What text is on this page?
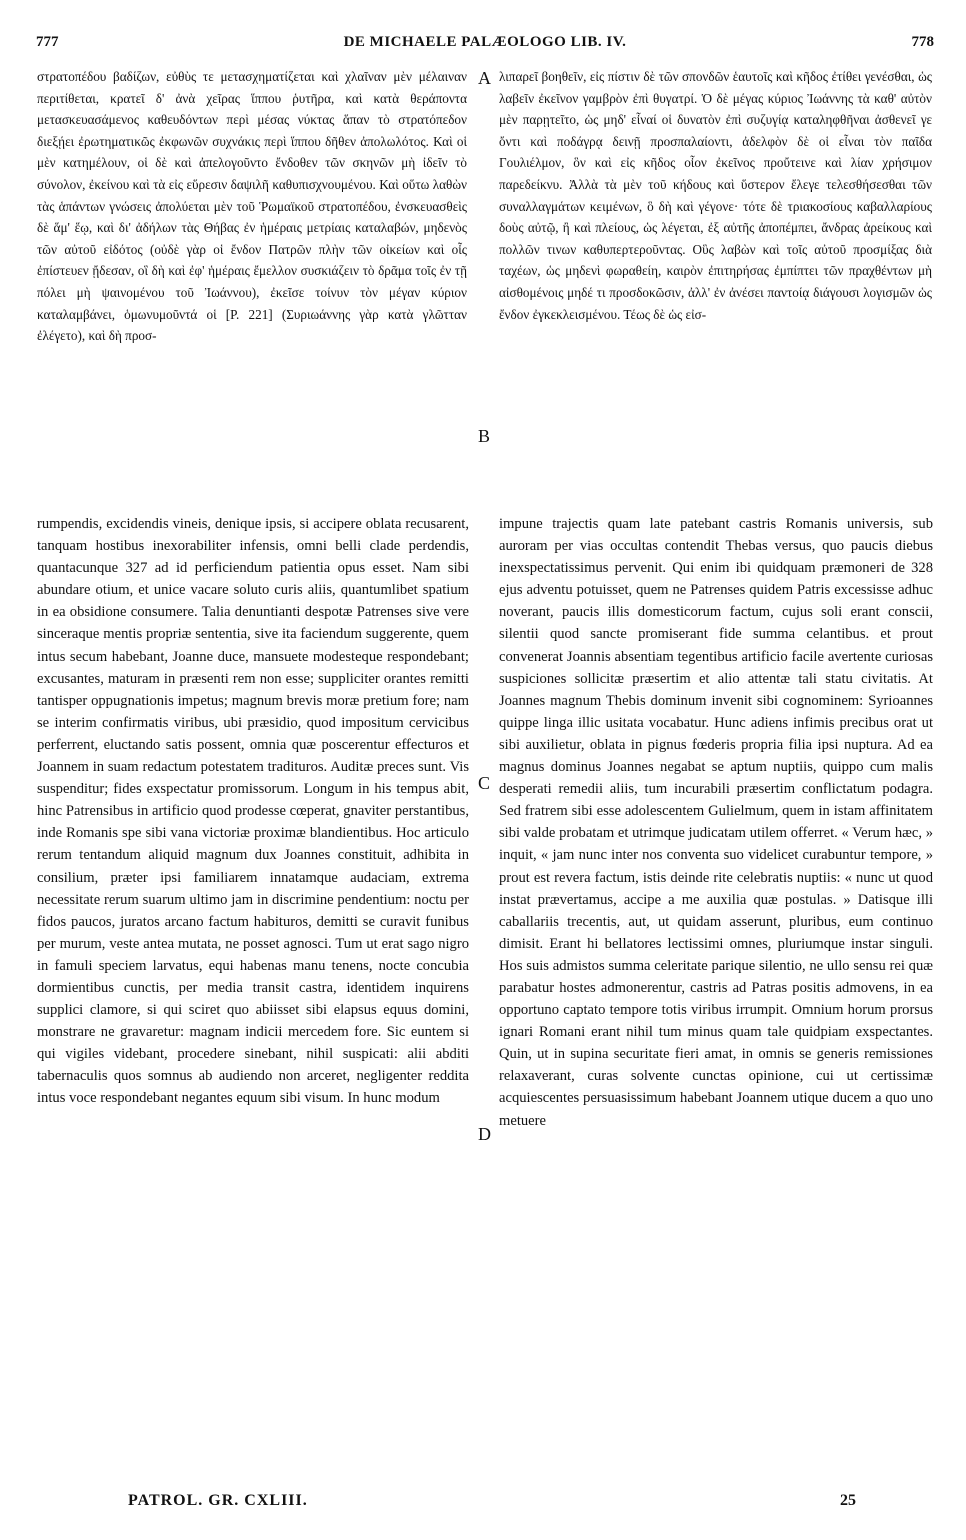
777	DE MICHAELE PALÆOLOGO LIB. IV.	778

στρατοπέδου βαδίζων, εὐθὺς τε μετασχηματίζεται καὶ χλαῖναν μὲν μέλαιναν περιτίθεται, κρατεῖ δ' ἀνὰ χεῖρας ἵππου ῥυτῆρα, καὶ κατὰ θεράποντα μετασκευασάμενος καθευδόντων περὶ μέσας νύκτας ἅπαν τὸ στρατόπεδον διεξῄει ἐρωτηματικῶς ἐκφωνῶν συχνάκις περὶ ἵππου δῆθεν ἀπολωλότος. Καὶ οἱ μὲν κατημέλουν, οἱ δὲ καὶ ἀπελογοῦντο ἔνδοθεν τῶν σκηνῶν μὴ ἰδεῖν τὸ σύνολον, ἐκείνου καὶ τὰ εἰς εὕρεσιν δαψιλῆ καθυπισχνουμένου. Καὶ οὕτω λαθὼν τὰς ἁπάντων γνώσεις ἀπολύεται μὲν τοῦ Ῥωμαϊκοῦ στρατοπέδου, ἐνσκευασθεὶς δὲ ἅμ' ἕῳ, καὶ δι' ἀδήλων τὰς Θήβας ἐν ἡμέραις μετρίαις καταλαβών, μηδενὸς τῶν αὐτοῦ εἰδότος (οὐδὲ γὰρ οἱ ἔνδον Πατρῶν πλὴν τῶν οἰκείων καὶ οἷς ἐπίστευεν ᾔδεσαν, οἳ δὴ καὶ ἐφ' ἡμέραις ἔμελλον συσκιάζειν τὸ δρᾶμα τοῖς ἐν τῇ πόλει μὴ ψαινομένου τοῦ Ἰωάννου), ἐκεῖσε τοίνυν τὸν μέγαν κύριον καταλαμβάνει, ὁμωνυμοῦντά οἱ [P. 221] (Συριωάννης γὰρ κατὰ γλῶτταν ἐλέγετο), καὶ δὴ προσ-

λιπαρεῖ βοηθεῖν, εἰς πίστιν δὲ τῶν σπονδῶν ἑαυτοῖς καὶ κῆδος ἐτίθει γενέσθαι, ὡς λαβεῖν ἐκεῖνον γαμβρὸν ἐπὶ θυγατρί. Ὁ δὲ μέγας κύριος Ἰωάννης τὰ καθ' αὐτὸν μὲν παρῃτεῖτο, ὡς μηδ' εἶναί οἱ δυνατὸν ἐπὶ συζυγίᾳ καταληφθῆναι ἀσθενεῖ γε ὄντι καὶ ποδάγρᾳ δεινῇ προσπαλαίοντι, ἀδελφὸν δὲ οἱ εἶναι τὸν παῖδα Γουλιέλμον, ὃν καὶ εἰς κῆδος οἷον ἐκεῖνος προὔτεινε καὶ λίαν χρήσιμον παρεδείκνυ. Ἀλλὰ τὰ μὲν τοῦ κήδους καὶ ὕστερον ἔλεγε τελεσθήσεσθαι τῶν συναλλαγμάτων κειμένων, ὃ δὴ καὶ γέγονε· τότε δὲ τριακοσίους καβαλλαρίους δοὺς αὐτῷ, ἢ καὶ πλείους, ὡς λέγεται, ἐξ αὐτῆς ἀποπέμπει, ἄνδρας ἀρείκους καὶ πολλῶν τινων καθυπερτεροῦντας. Οὓς λαβὼν καὶ τοῖς αὐτοῦ προσμίξας διὰ ταχέων, ὡς μηδενὶ φωραθείη, καιρὸν ἐπιτηρήσας ἐμπίπτει τῶν πραχθέντων μὴ αἰσθομένοις μηδέ τι προσδοκῶσιν, ἀλλ' ἐν ἀνέσει παντοίᾳ διάγουσι λογισμῶν ὡς ἔνδον ἐγκεκλεισμένου. Τέως δὲ ὡς εἰσ-

A
B
C
D

rumpendis, excidendis vineis, denique ipsis, si accipere oblata recusarent, tanquam hostibus inexorabiliter infensis, omni belli clade perdendis, quantacunque 327 ad id perficiendum patientia opus esset. Nam sibi abundare otium, et unice vacare soluto curis aliis, quantumlibet spatium in ea obsidione consumere. Talia denuntianti despotæ Patrenses sive vere sinceraque mentis propriæ sententia, sive ita faciendum suggerente, quem intus secum habebant, Joanne duce, mansuete modesteque respondebant; excusantes, maturam in præsenti rem non esse; suppliciter orantes remitti tantisper oppugnationis impetus; magnum brevis moræ pretium fore; nam se interim confirmatis viribus, ubi præsidio, quod impositum cervicibus perferrent, eluctando satis possent, omnia quæ poscerentur effecturos et Joannem in suam redactum potestatem tradituros. Auditæ preces sunt. Vis suspenditur; fides exspectatur promissorum. Longum in his tempus abit, hinc Patrensibus in artificio quod prodesse cœperat, gnaviter perstantibus, inde Romanis spe sibi vana victoriæ proximæ blandientibus. Hoc articulo rerum tentandum aliquid magnum dux Joannes constituit, adhibita in consilium, præter ipsi familiarem innatamque audaciam, extrema necessitate rerum suarum ultimo jam in discrimine pendentium: noctu per fidos paucos, juratos arcano factum habituros, demitti se curavit funibus per murum, veste antea mutata, ne posset agnosci. Tum ut erat sago nigro in famuli speciem larvatus, equi habenas manu tenens, nocte concubia dormientibus cunctis, per media transit castra, identidem inquirens supplici clamore, si qui sciret quo abiisset sibi elapsus equus domini, monstrare ne gravaretur: magnam indicii mercedem fore. Sic euntem si qui vigiles videbant, procedere sinebant, nihil suspicati: alii abditi tabernaculis quos somnus ab audiendo non arceret, negligenter reddita intus voce respondebant negantes equum sibi visum. In hunc modum

impune trajectis quam late patebant castris Romanis universis, sub auroram per vias occultas contendit Thebas versus, quo paucis diebus inexspectatissimus pervenit. Qui enim ibi quidquam præmoneri de 328 ejus adventu potuisset, quem ne Patrenses quidem Patris excessisse adhuc noverant, paucis illis domesticorum factum, cujus soli erant conscii, silentii quod sancte promiserant fide summa celantibus. et prout convenerat Joannis absentiam tegentibus artificio facile avertente curiosas suspiciones sollicitæ præsertim et alio attentæ tali statu civitatis. At Joannes magnum Thebis dominum invenit sibi cognominem: Syrioannes quippe linga illic usitata vocabatur. Hunc adiens infimis precibus orat ut sibi auxilietur, oblata in pignus fœderis propria filia ipsi nuptura. Ad ea magnus dominus Joannes negabat se aptum nuptiis, quippo cum malis desperati remedii aliis, tum incurabili præsertim conflictatum podagra. Sed fratrem sibi esse adolescentem Gulielmum, quem in istam affinitatem sibi valde probatam et utrimque judicatam utilem offerret. « Verum hæc, » inquit, « jam nunc inter nos conventa suo videlicet curabuntur tempore, » prout est revera factum, istis deinde rite celebratis nuptiis: « nunc ut quod instat prævertamus, accipe a me auxilia quæ postulas. » Datisque illi caballariis trecentis, aut, ut quidam asserunt, pluribus, eum continuo dimisit. Erant hi bellatores lectissimi omnes, pluriumque instar singuli. Hos suis admistos summa celeritate parique silentio, ne ullo sensu rei quæ parabatur hostes admonerentur, castris ad Patras positis admovens, in ea opportuno captato tempore totis viribus irrumpit. Omnium horum prorsus ignari Romani erant nihil tum minus quam tale quidpiam exspectantes. Quin, ut in supina securitate fieri amat, in omnis se generis remissiones relaxaverant, curas solvente cunctas opinione, cui ut certissimæ acquiescentes persuasissimum habebant Joannem utique ducem a quo uno metuere

PATROL. GR. CXLIII.	25
